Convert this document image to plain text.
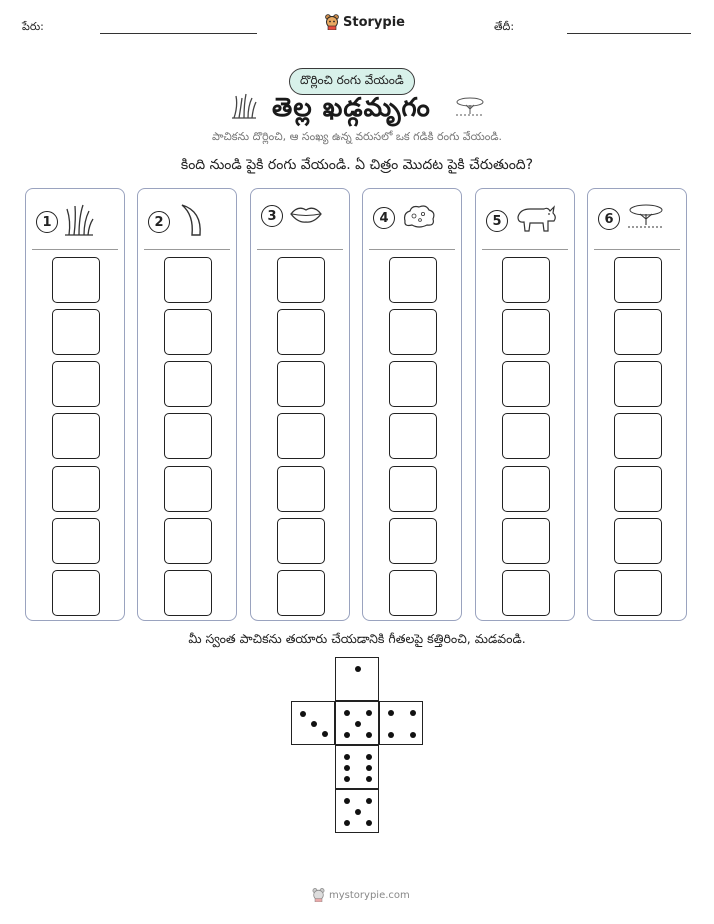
పేరు:	Storypie	తేదీ:
దొర్లించి రంగు వేయండి
తెల్ల ఖడ్గమృగం
పాచికను దొర్లించి, ఆ సంఖ్య ఉన్న వరుసలో ఒక గడికి రంగు వేయండి.
కింది నుండి పైకి రంగు వేయండి. ఏ చిత్రం మొదట పైకి చేరుతుంది?
1	2	3	4	5	6
మీ స్వంత పాచికను తయారు చేయడానికి గీతలపై కత్తిరించి, మడవండి.
mystorypie.com
